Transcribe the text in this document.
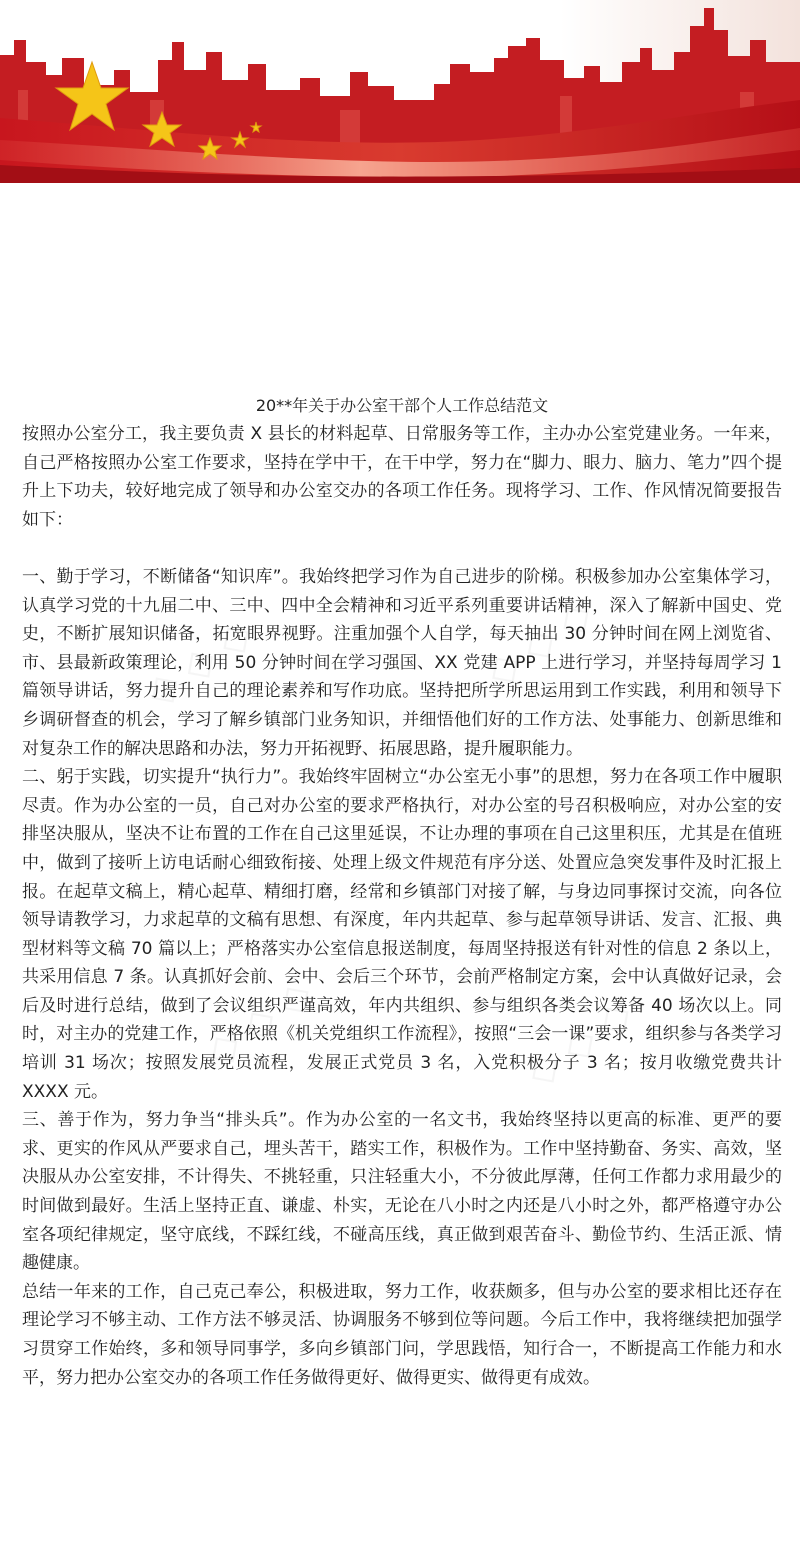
◇ ◇ ◇	◇ ◇ ◇
◇ ◇ ◇	◇ ◇ ◇
20**年关于办公室干部个人工作总结范文

按照办公室分工，我主要负责 X 县长的材料起草、日常服务等工作，主办办公室党建业务。一年来，自己严格按照办公室工作要求，坚持在学中干，在干中学，努力在“脚力、眼力、脑力、笔力”四个提升上下功夫，较好地完成了领导和办公室交办的各项工作任务。现将学习、工作、作风情况简要报告如下：

一、勤于学习，不断储备“知识库”。我始终把学习作为自己进步的阶梯。积极参加办公室集体学习，认真学习党的十九届二中、三中、四中全会精神和习近平系列重要讲话精神，深入了解新中国史、党史，不断扩展知识储备，拓宽眼界视野。注重加强个人自学，每天抽出 30 分钟时间在网上浏览省、市、县最新政策理论，利用 50 分钟时间在学习强国、XX 党建 APP 上进行学习，并坚持每周学习 1 篇领导讲话，努力提升自己的理论素养和写作功底。坚持把所学所思运用到工作实践，利用和领导下乡调研督查的机会，学习了解乡镇部门业务知识，并细悟他们好的工作方法、处事能力、创新思维和对复杂工作的解决思路和办法，努力开拓视野、拓展思路，提升履职能力。

二、躬于实践，切实提升“执行力”。我始终牢固树立“办公室无小事”的思想，努力在各项工作中履职尽责。作为办公室的一员，自己对办公室的要求严格执行，对办公室的号召积极响应，对办公室的安排坚决服从，坚决不让布置的工作在自己这里延误，不让办理的事项在自己这里积压，尤其是在值班中，做到了接听上访电话耐心细致衔接、处理上级文件规范有序分送、处置应急突发事件及时汇报上报。在起草文稿上，精心起草、精细打磨，经常和乡镇部门对接了解，与身边同事探讨交流，向各位领导请教学习，力求起草的文稿有思想、有深度，年内共起草、参与起草领导讲话、发言、汇报、典型材料等文稿 70 篇以上；严格落实办公室信息报送制度，每周坚持报送有针对性的信息 2 条以上，共采用信息 7 条。认真抓好会前、会中、会后三个环节，会前严格制定方案，会中认真做好记录，会后及时进行总结，做到了会议组织严谨高效，年内共组织、参与组织各类会议筹备 40 场次以上。同时，对主办的党建工作，严格依照《机关党组织工作流程》，按照“三会一课”要求，组织参与各类学习培训 31 场次；按照发展党员流程，发展正式党员 3 名，入党积极分子 3 名；按月收缴党费共计 XXXX 元。

三、善于作为，努力争当“排头兵”。作为办公室的一名文书，我始终坚持以更高的标准、更严的要求、更实的作风从严要求自己，埋头苦干，踏实工作，积极作为。工作中坚持勤奋、务实、高效，坚决服从办公室安排，不计得失、不挑轻重，只注轻重大小，不分彼此厚薄，任何工作都力求用最少的时间做到最好。生活上坚持正直、谦虚、朴实，无论在八小时之内还是八小时之外，都严格遵守办公室各项纪律规定，坚守底线，不踩红线，不碰高压线，真正做到艰苦奋斗、勤俭节约、生活正派、情趣健康。

总结一年来的工作，自己克己奉公，积极进取，努力工作，收获颇多，但与办公室的要求相比还存在理论学习不够主动、工作方法不够灵活、协调服务不够到位等问题。今后工作中，我将继续把加强学习贯穿工作始终，多和领导同事学，多向乡镇部门问，学思践悟，知行合一，不断提高工作能力和水平，努力把办公室交办的各项工作任务做得更好、做得更实、做得更有成效。
